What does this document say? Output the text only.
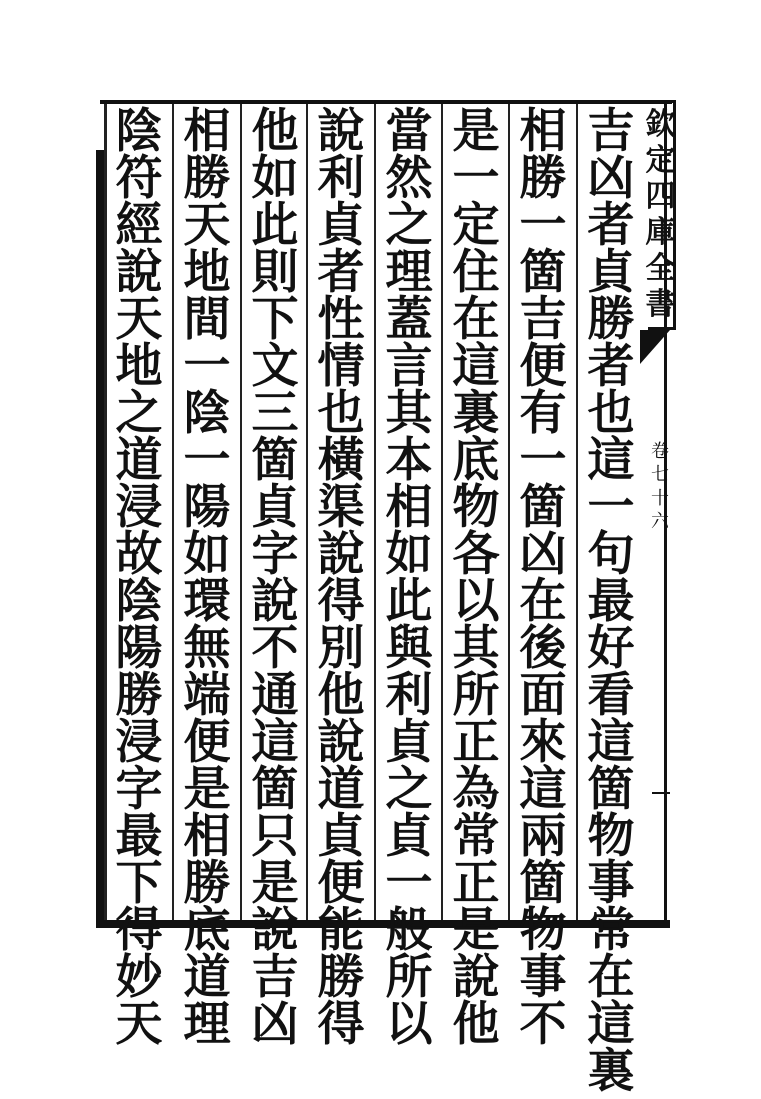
吉
凶
者
貞
勝
者
也
這
一
句
最
好
看
這
箇
物
事
常
在
這
裏
相
勝
一
箇
吉
便
有
一
箇
凶
在
後
面
來
這
兩
箇
物
事
不
是
一
定
住
在
這
裏
底
物
各
以
其
所
正
為
常
正
是
說
他
當
然
之
理
蓋
言
其
本
相
如
此
與
利
貞
之
貞
一
般
所
以
說
利
貞
者
性
情
也
橫
渠
說
得
別
他
說
道
貞
便
能
勝
得
他
如
此
則
下
文
三
箇
貞
字
說
不
通
這
箇
只
是
說
吉
凶
相
勝
天
地
間
一
陰
一
陽
如
環
無
端
便
是
相
勝
底
道
理
陰
符
經
說
天
地
之
道
浸
故
陰
陽
勝
浸
字
最
下
得
妙
天
欽
定
四
庫
全
書
卷
七
十
六
